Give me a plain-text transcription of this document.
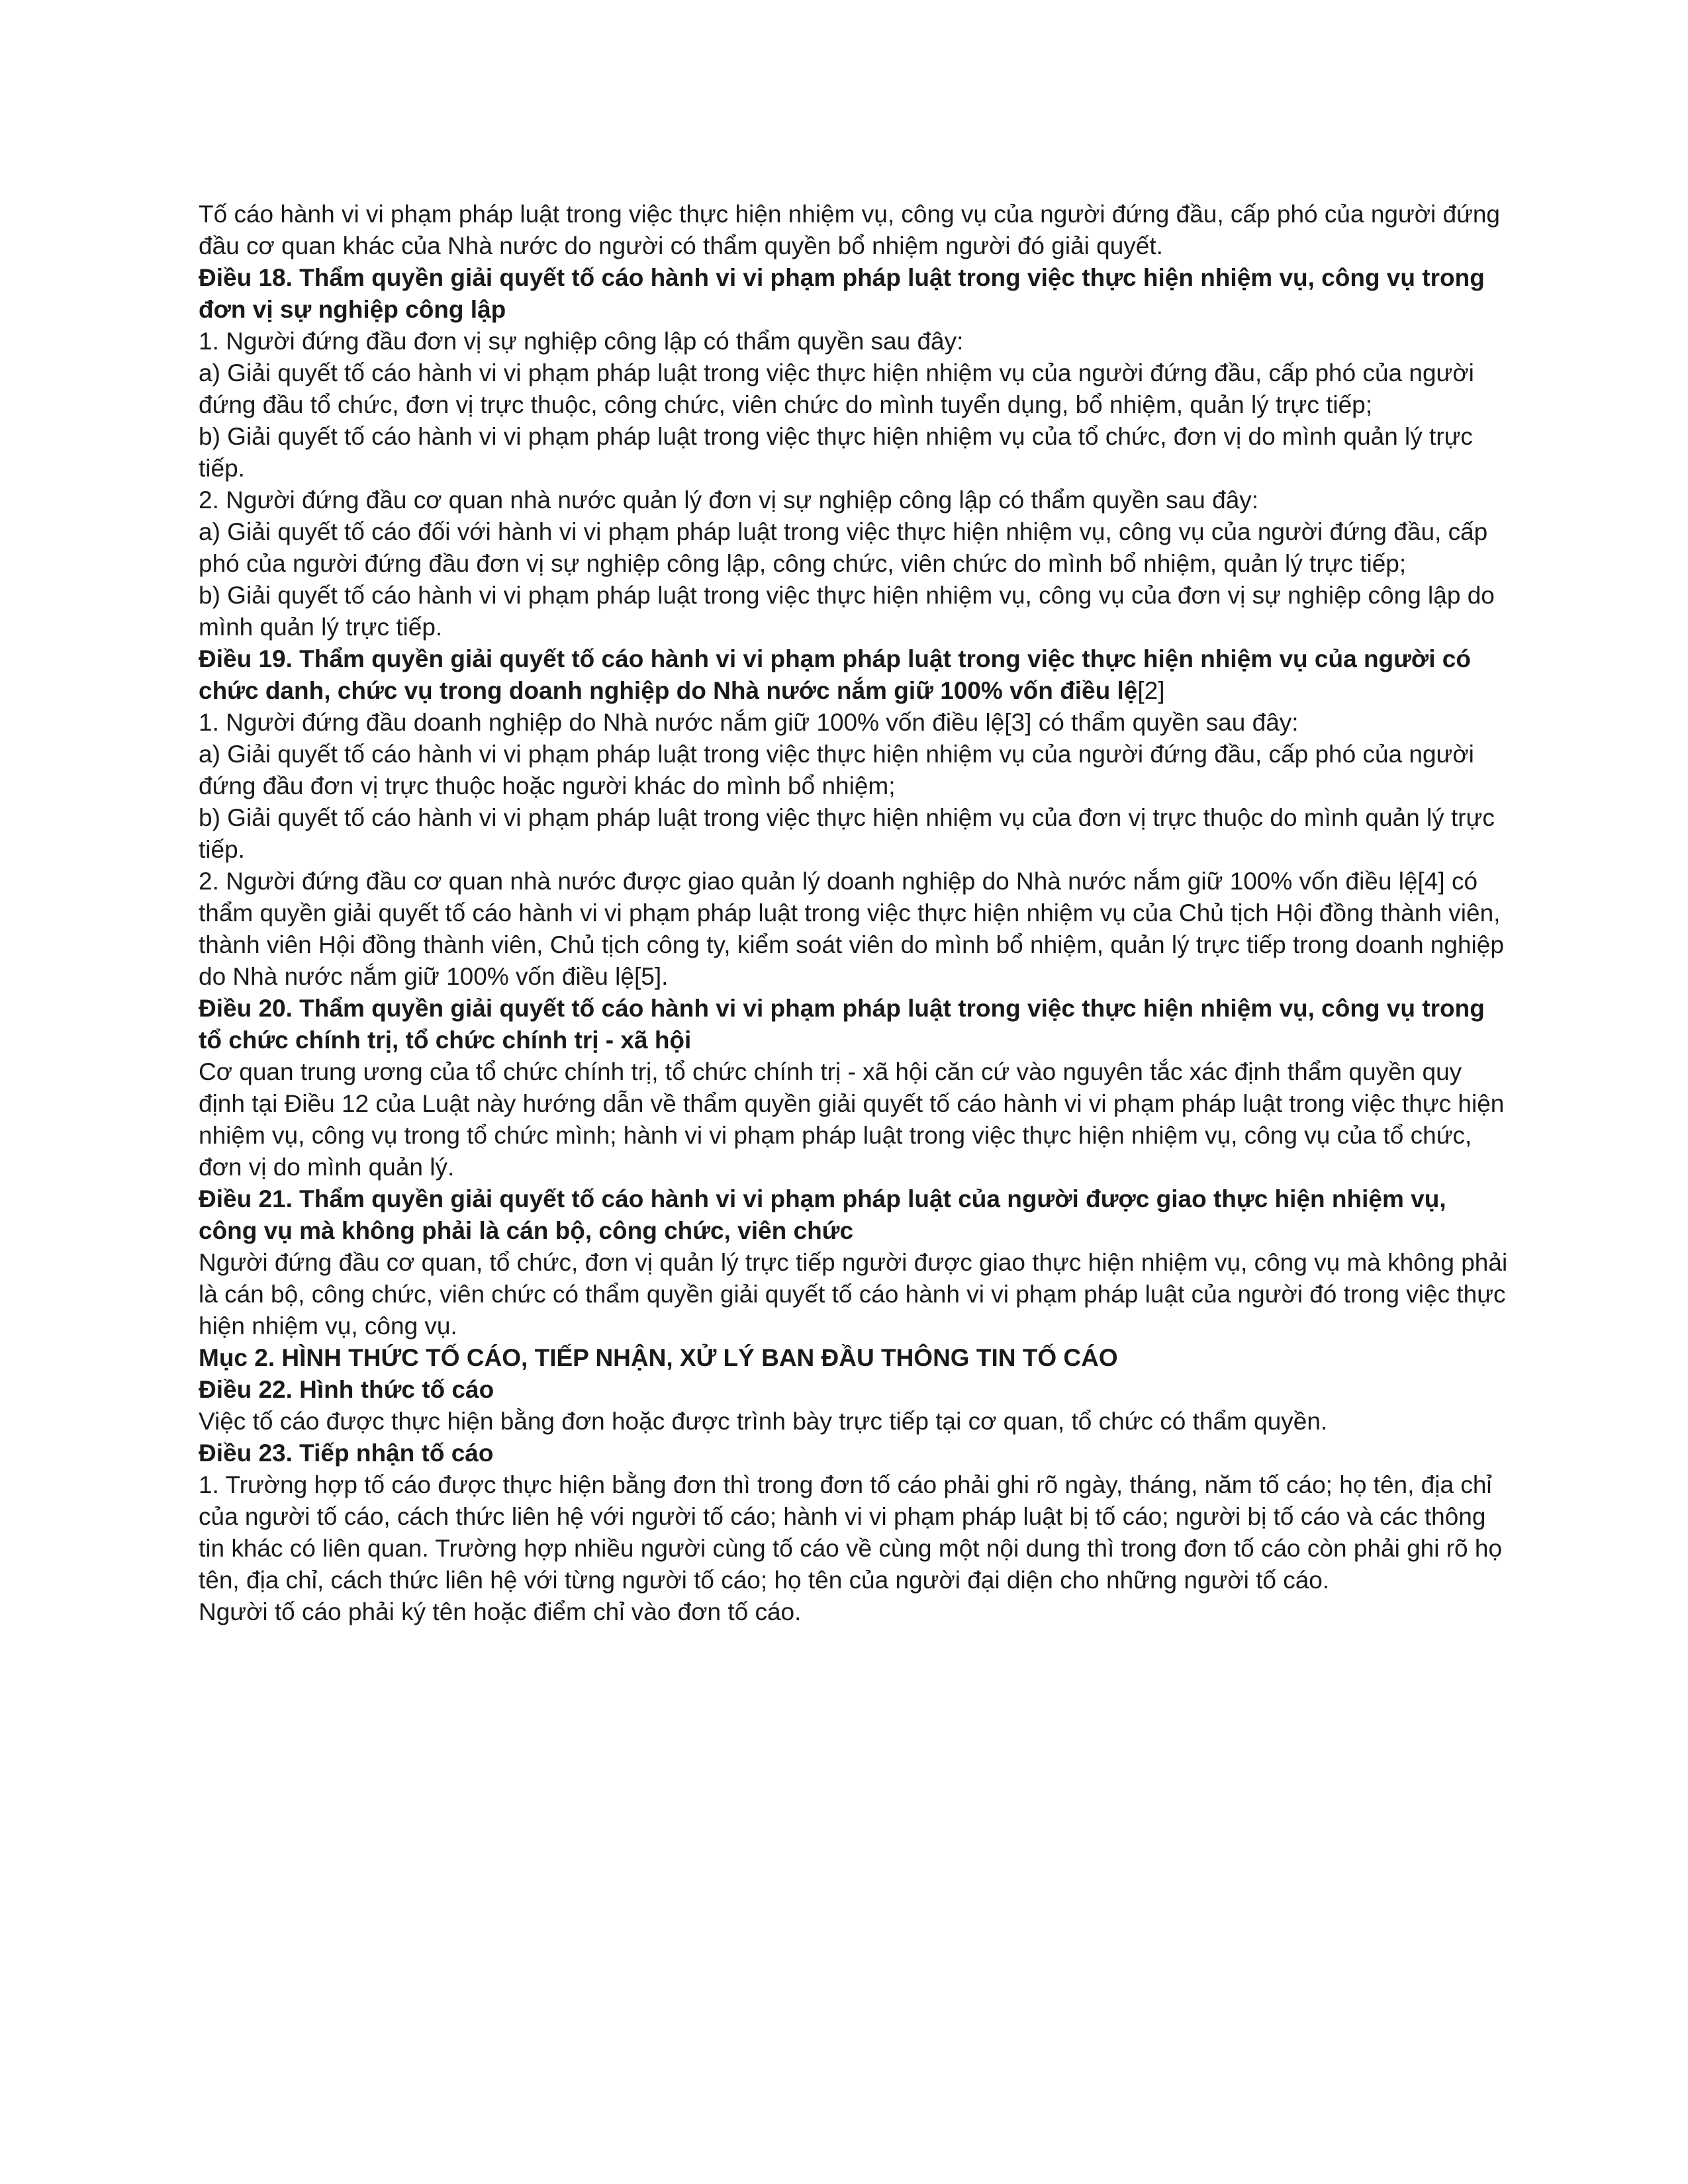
Tố cáo hành vi vi phạm pháp luật trong việc thực hiện nhiệm vụ, công vụ của người đứng đầu, cấp phó của người đứng đầu cơ quan khác của Nhà nước do người có thẩm quyền bổ nhiệm người đó giải quyết.

Điều 18. Thẩm quyền giải quyết tố cáo hành vi vi phạm pháp luật trong việc thực hiện nhiệm vụ, công vụ trong đơn vị sự nghiệp công lập

1. Người đứng đầu đơn vị sự nghiệp công lập có thẩm quyền sau đây:

a) Giải quyết tố cáo hành vi vi phạm pháp luật trong việc thực hiện nhiệm vụ của người đứng đầu, cấp phó của người đứng đầu tổ chức, đơn vị trực thuộc, công chức, viên chức do mình tuyển dụng, bổ nhiệm, quản lý trực tiếp;

b) Giải quyết tố cáo hành vi vi phạm pháp luật trong việc thực hiện nhiệm vụ của tổ chức, đơn vị do mình quản lý trực tiếp.

2. Người đứng đầu cơ quan nhà nước quản lý đơn vị sự nghiệp công lập có thẩm quyền sau đây:

a) Giải quyết tố cáo đối với hành vi vi phạm pháp luật trong việc thực hiện nhiệm vụ, công vụ của người đứng đầu, cấp phó của người đứng đầu đơn vị sự nghiệp công lập, công chức, viên chức do mình bổ nhiệm, quản lý trực tiếp;

b) Giải quyết tố cáo hành vi vi phạm pháp luật trong việc thực hiện nhiệm vụ, công vụ của đơn vị sự nghiệp công lập do mình quản lý trực tiếp.

Điều 19. Thẩm quyền giải quyết tố cáo hành vi vi phạm pháp luật trong việc thực hiện nhiệm vụ của người có chức danh, chức vụ trong doanh nghiệp do Nhà nước nắm giữ 100% vốn điều lệ[2]

1. Người đứng đầu doanh nghiệp do Nhà nước nắm giữ 100% vốn điều lệ[3] có thẩm quyền sau đây:

a) Giải quyết tố cáo hành vi vi phạm pháp luật trong việc thực hiện nhiệm vụ của người đứng đầu, cấp phó của người đứng đầu đơn vị trực thuộc hoặc người khác do mình bổ nhiệm;

b) Giải quyết tố cáo hành vi vi phạm pháp luật trong việc thực hiện nhiệm vụ của đơn vị trực thuộc do mình quản lý trực tiếp.

2. Người đứng đầu cơ quan nhà nước được giao quản lý doanh nghiệp do Nhà nước nắm giữ 100% vốn điều lệ[4] có thẩm quyền giải quyết tố cáo hành vi vi phạm pháp luật trong việc thực hiện nhiệm vụ của Chủ tịch Hội đồng thành viên, thành viên Hội đồng thành viên, Chủ tịch công ty, kiểm soát viên do mình bổ nhiệm, quản lý trực tiếp trong doanh nghiệp do Nhà nước nắm giữ 100% vốn điều lệ[5].

Điều 20. Thẩm quyền giải quyết tố cáo hành vi vi phạm pháp luật trong việc thực hiện nhiệm vụ, công vụ trong tổ chức chính trị, tổ chức chính trị - xã hội

Cơ quan trung ương của tổ chức chính trị, tổ chức chính trị - xã hội căn cứ vào nguyên tắc xác định thẩm quyền quy định tại Điều 12 của Luật này hướng dẫn về thẩm quyền giải quyết tố cáo hành vi vi phạm pháp luật trong việc thực hiện nhiệm vụ, công vụ trong tổ chức mình; hành vi vi phạm pháp luật trong việc thực hiện nhiệm vụ, công vụ của tổ chức, đơn vị do mình quản lý.

Điều 21. Thẩm quyền giải quyết tố cáo hành vi vi phạm pháp luật của người được giao thực hiện nhiệm vụ, công vụ mà không phải là cán bộ, công chức, viên chức

Người đứng đầu cơ quan, tổ chức, đơn vị quản lý trực tiếp người được giao thực hiện nhiệm vụ, công vụ mà không phải là cán bộ, công chức, viên chức có thẩm quyền giải quyết tố cáo hành vi vi phạm pháp luật của người đó trong việc thực hiện nhiệm vụ, công vụ.

Mục 2. HÌNH THỨC TỐ CÁO, TIẾP NHẬN, XỬ LÝ BAN ĐẦU THÔNG TIN TỐ CÁO
Điều 22. Hình thức tố cáo

Việc tố cáo được thực hiện bằng đơn hoặc được trình bày trực tiếp tại cơ quan, tổ chức có thẩm quyền.

Điều 23. Tiếp nhận tố cáo

1. Trường hợp tố cáo được thực hiện bằng đơn thì trong đơn tố cáo phải ghi rõ ngày, tháng, năm tố cáo; họ tên, địa chỉ của người tố cáo, cách thức liên hệ với người tố cáo; hành vi vi phạm pháp luật bị tố cáo; người bị tố cáo và các thông tin khác có liên quan. Trường hợp nhiều người cùng tố cáo về cùng một nội dung thì trong đơn tố cáo còn phải ghi rõ họ tên, địa chỉ, cách thức liên hệ với từng người tố cáo; họ tên của người đại diện cho những người tố cáo.

Người tố cáo phải ký tên hoặc điểm chỉ vào đơn tố cáo.
